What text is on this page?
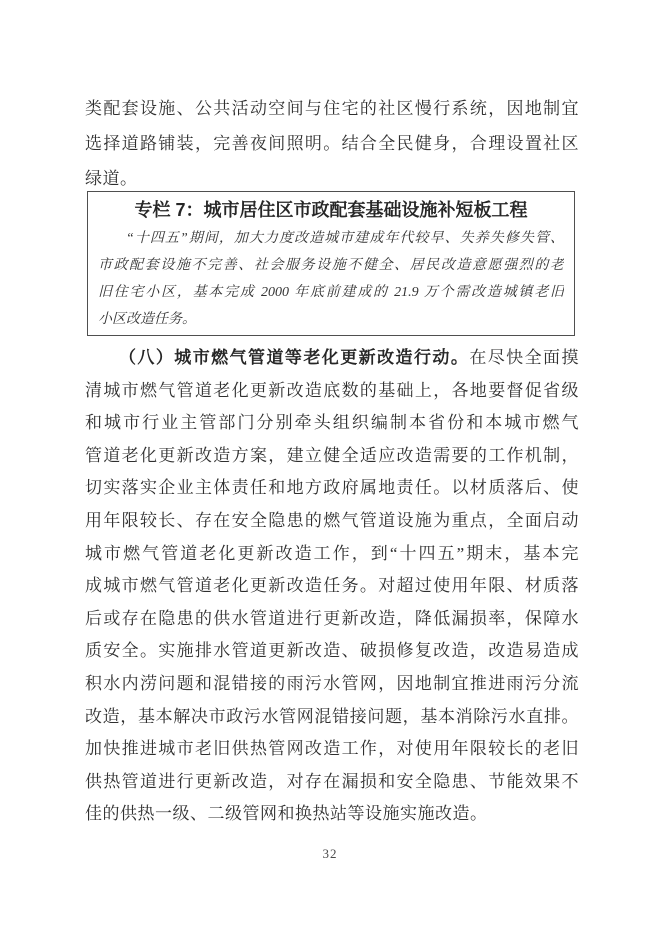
类配套设施、公共活动空间与住宅的社区慢行系统，因地制宜
选择道路铺装，完善夜间照明。结合全民健身，合理设置社区
绿道。
专栏 7：城市居住区市政配套基础设施补短板工程
“十四五”期间，加大力度改造城市建成年代较早、失养失修失管、
市政配套设施不完善、社会服务设施不健全、居民改造意愿强烈的老
旧住宅小区，基本完成 2000 年底前建成的 21.9 万个需改造城镇老旧
小区改造任务。
（八）城市燃气管道等老化更新改造行动。在尽快全面摸
清城市燃气管道老化更新改造底数的基础上，各地要督促省级
和城市行业主管部门分别牵头组织编制本省份和本城市燃气
管道老化更新改造方案，建立健全适应改造需要的工作机制，
切实落实企业主体责任和地方政府属地责任。以材质落后、使
用年限较长、存在安全隐患的燃气管道设施为重点，全面启动
城市燃气管道老化更新改造工作，到“十四五”期末，基本完
成城市燃气管道老化更新改造任务。对超过使用年限、材质落
后或存在隐患的供水管道进行更新改造，降低漏损率，保障水
质安全。实施排水管道更新改造、破损修复改造，改造易造成
积水内涝问题和混错接的雨污水管网，因地制宜推进雨污分流
改造，基本解决市政污水管网混错接问题，基本消除污水直排。
加快推进城市老旧供热管网改造工作，对使用年限较长的老旧
供热管道进行更新改造，对存在漏损和安全隐患、节能效果不
佳的供热一级、二级管网和换热站等设施实施改造。
32
